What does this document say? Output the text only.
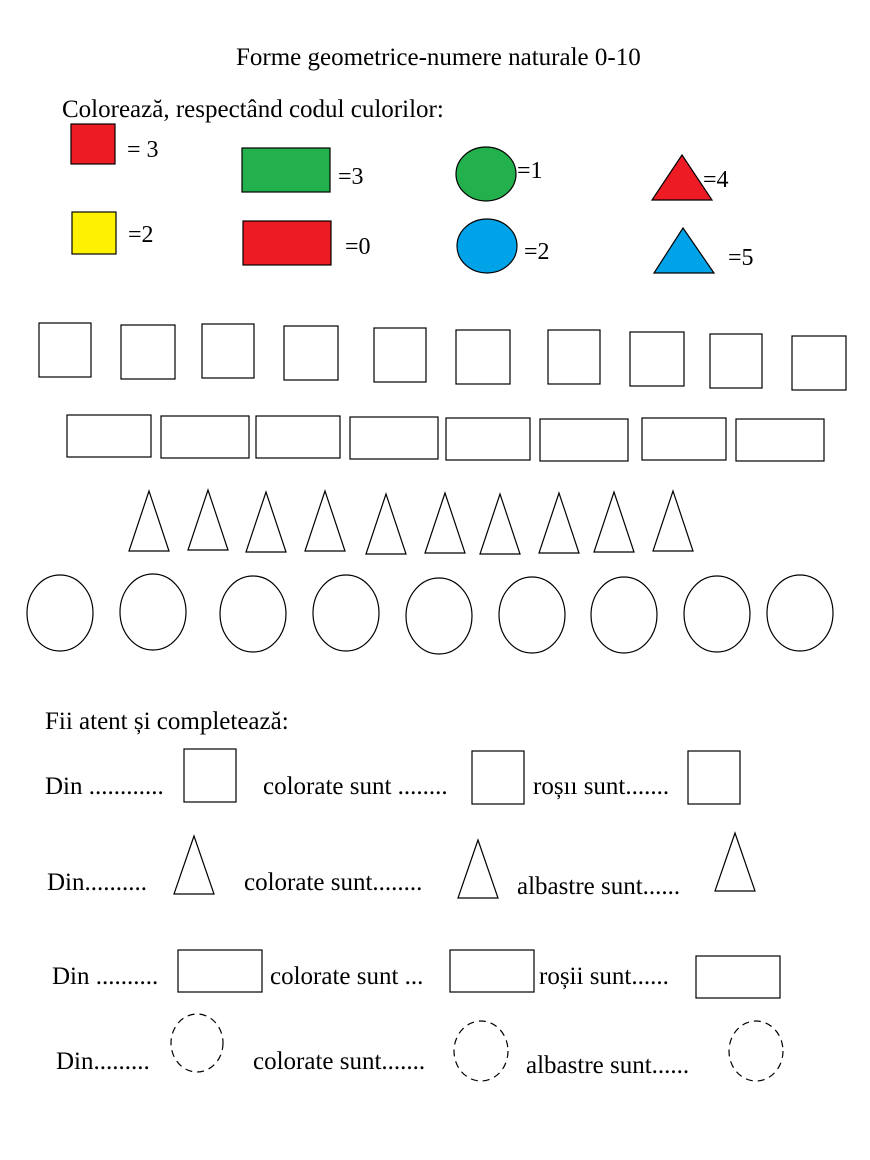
Forme geometrice-numere naturale 0-10
Colorează, respectând codul culorilor:
= 3
=2
=3
=0
=1
=2
=4
=5
Fii atent și completează:
Din ............	colorate sunt ........	roșıı sunt.......
Din..........	colorate sunt........	albastre sunt......
Din ..........	colorate sunt ...	roșii sunt......
Din.........	colorate sunt.......	albastre sunt......
